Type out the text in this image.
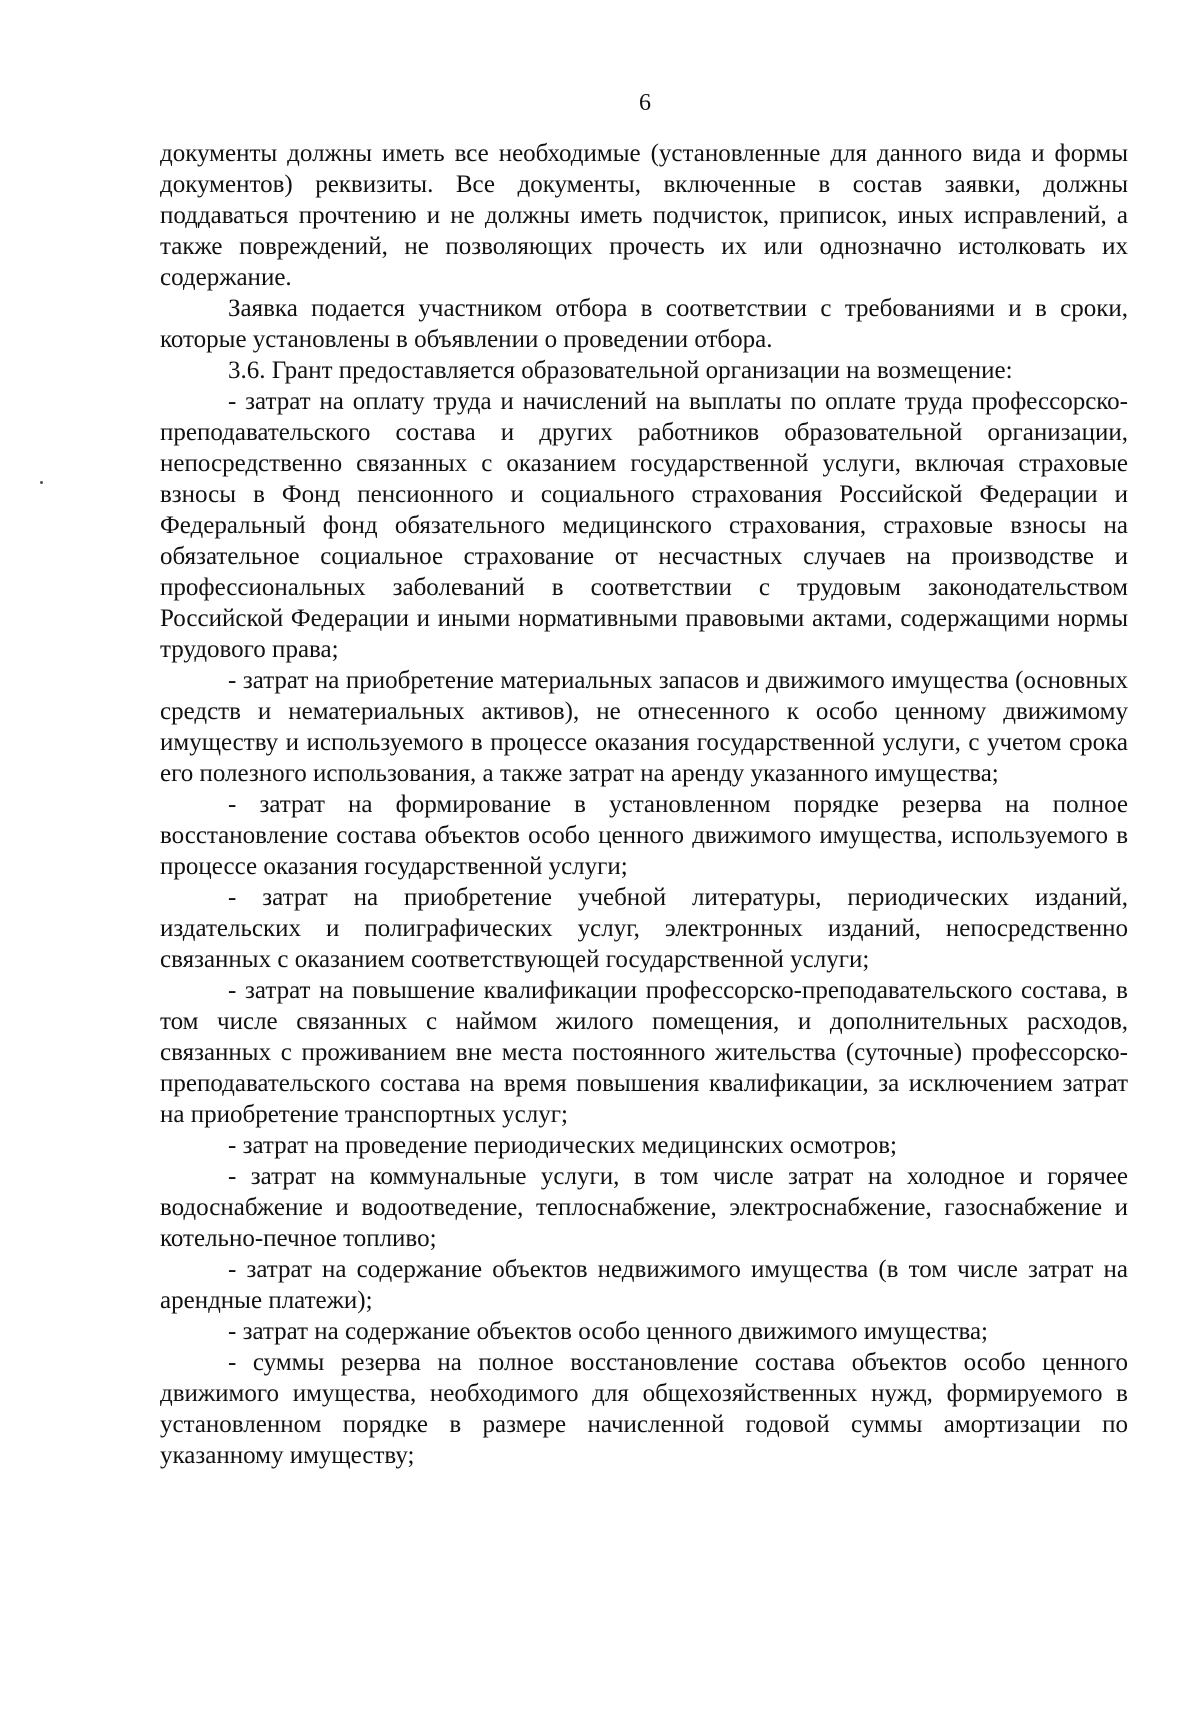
6

документы должны иметь все необходимые (установленные для данного вида и формы документов) реквизиты. Все документы, включенные в состав заявки, должны поддаваться прочтению и не должны иметь подчисток, приписок, иных исправлений, а также повреждений, не позволяющих прочесть их или однозначно истолковать их содержание.

Заявка подается участником отбора в соответствии с требованиями и в сроки, которые установлены в объявлении о проведении отбора.

3.6. Грант предоставляется образовательной организации на возмещение:

- затрат на оплату труда и начислений на выплаты по оплате труда профессорско-преподавательского состава и других работников образовательной организации, непосредственно связанных с оказанием государственной услуги, включая страховые взносы в Фонд пенсионного и социального страхования Российской Федерации и Федеральный фонд обязательного медицинского страхования, страховые взносы на обязательное социальное страхование от несчастных случаев на производстве и профессиональных заболеваний в соответствии с трудовым законодательством Российской Федерации и иными нормативными правовыми актами, содержащими нормы трудового права;

- затрат на приобретение материальных запасов и движимого имущества (основных средств и нематериальных активов), не отнесенного к особо ценному движимому имуществу и используемого в процессе оказания государственной услуги, с учетом срока его полезного использования, а также затрат на аренду указанного имущества;

- затрат на формирование в установленном порядке резерва на полное восстановление состава объектов особо ценного движимого имущества, используемого в процессе оказания государственной услуги;

- затрат на приобретение учебной литературы, периодических изданий, издательских и полиграфических услуг, электронных изданий, непосредственно связанных с оказанием соответствующей государственной услуги;

- затрат на повышение квалификации профессорско-преподавательского состава, в том числе связанных с наймом жилого помещения, и дополнительных расходов, связанных с проживанием вне места постоянного жительства (суточные) профессорско-преподавательского состава на время повышения квалификации, за исключением затрат на приобретение транспортных услуг;

- затрат на проведение периодических медицинских осмотров;

- затрат на коммунальные услуги, в том числе затрат на холодное и горячее водоснабжение и водоотведение, теплоснабжение, электроснабжение, газоснабжение и котельно-печное топливо;

- затрат на содержание объектов недвижимого имущества (в том числе затрат на арендные платежи);

- затрат на содержание объектов особо ценного движимого имущества;

- суммы резерва на полное восстановление состава объектов особо ценного движимого имущества, необходимого для общехозяйственных нужд, формируемого в установленном порядке в размере начисленной годовой суммы амортизации по указанному имуществу;
